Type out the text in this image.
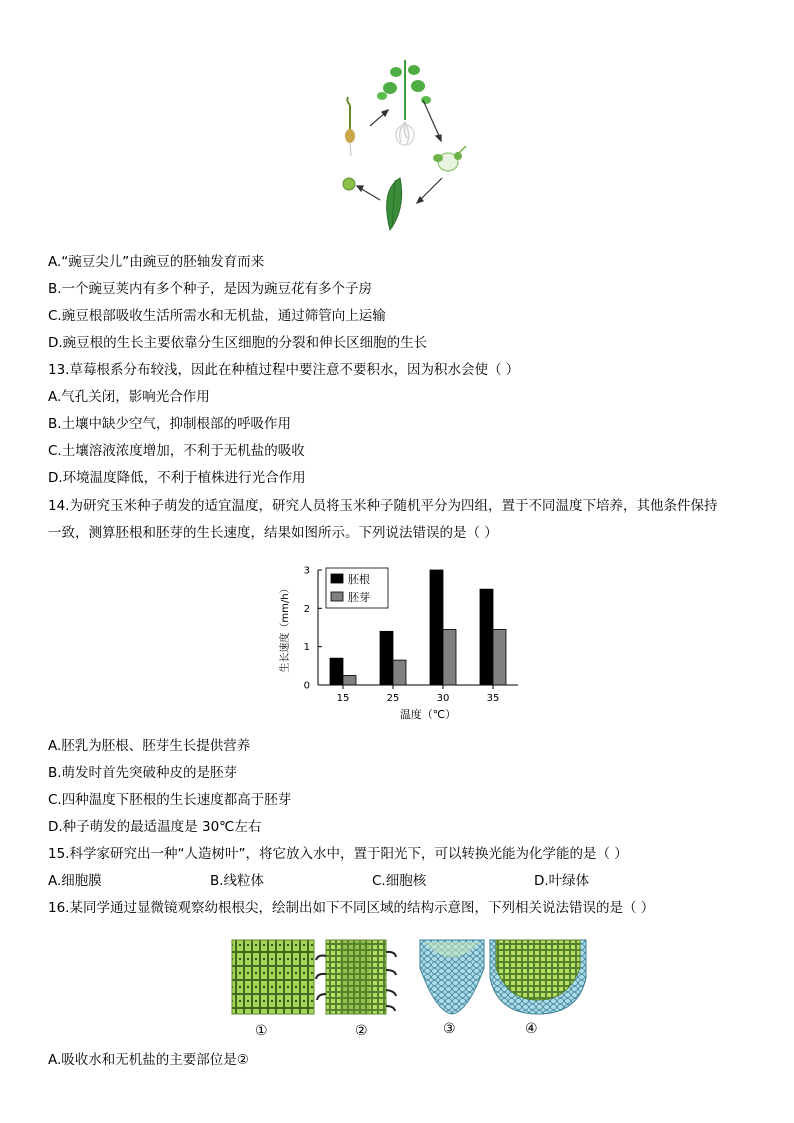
A.“豌豆尖儿”由豌豆的胚轴发育而来
B.一个豌豆荚内有多个种子，是因为豌豆花有多个子房
C.豌豆根部吸收生活所需水和无机盐，通过筛管向上运输
D.豌豆根的生长主要依靠分生区细胞的分裂和伸长区细胞的生长
13.草莓根系分布较浅，因此在种植过程中要注意不要积水，因为积水会使（ ）
A.气孔关闭，影响光合作用
B.土壤中缺少空气，抑制根部的呼吸作用
C.土壤溶液浓度增加，不利于无机盐的吸收
D.环境温度降低，不利于植株进行光合作用
14.为研究玉米种子萌发的适宜温度，研究人员将玉米种子随机平分为四组，置于不同温度下培养，其他条件保持
一致，测算胚根和胚芽的生长速度，结果如图所示。下列说法错误的是（ ）
0
1
2
3
15	25	30	35
胚根
胚芽
生长速度（mm/h）
温度（℃）
A.胚乳为胚根、胚芽生长提供营养
B.萌发时首先突破种皮的是胚芽
C.四种温度下胚根的生长速度都高于胚芽
D.种子萌发的最适温度是 30℃左右
15.科学家研究出一种“人造树叶”，将它放入水中，置于阳光下，可以转换光能为化学能的是（ ）
A.细胞膜	B.线粒体	C.细胞核	D.叶绿体
16.某同学通过显微镜观察幼根根尖，绘制出如下不同区域的结构示意图，下列相关说法错误的是（ ）
①	②	③	④
A.吸收水和无机盐的主要部位是②
